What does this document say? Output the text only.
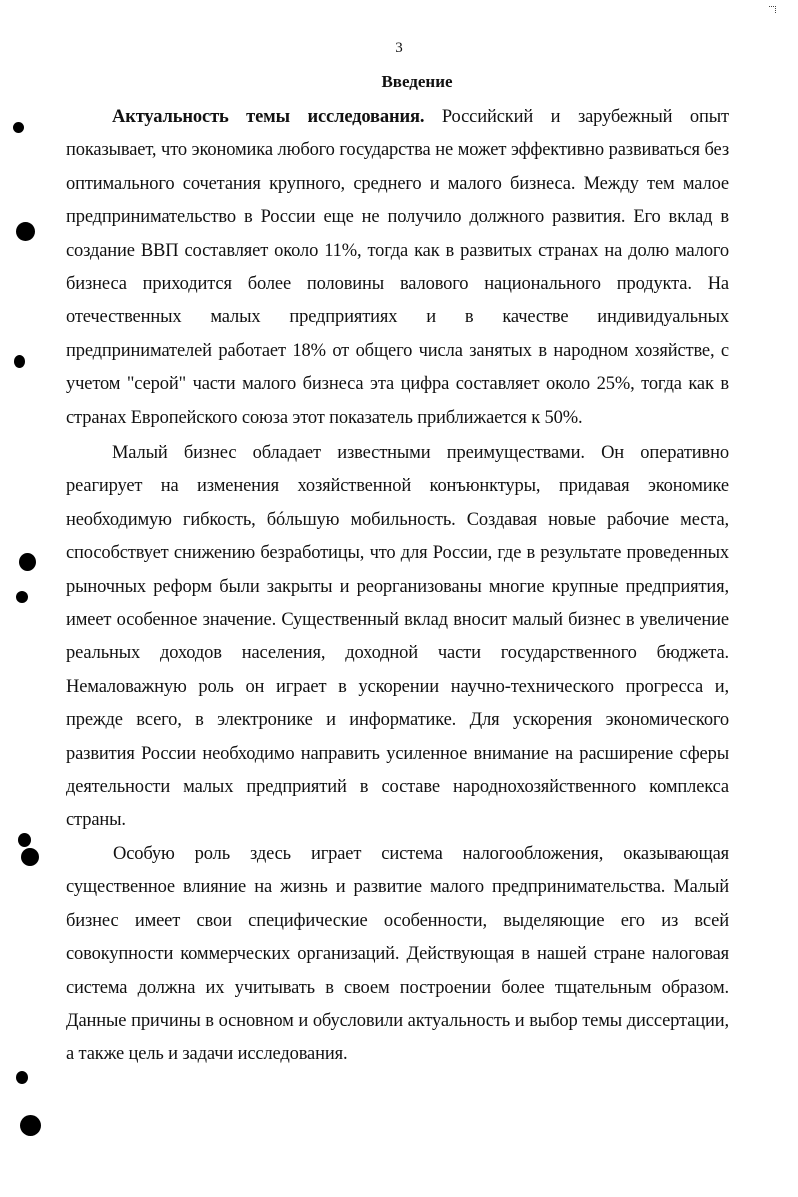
3
Введение

Актуальность темы исследования. Российский и зарубежный опыт показывает, что экономика любого государства не может эффективно развиваться без оптимального сочетания крупного, среднего и малого бизнеса. Между тем малое предпринимательство в России еще не получило должного развития. Его вклад в создание ВВП составляет около 11%, тогда как в развитых странах на долю малого бизнеса приходится более половины валового национального продукта. На отечественных малых предприятиях и в качестве индивидуальных предпринимателей работает 18% от общего числа занятых в народном хозяйстве, с учетом "серой" части малого бизнеса эта цифра составляет около 25%, тогда как в странах Европейского союза этот показатель приближается к 50%.

Малый бизнес обладает известными преимуществами. Он оперативно реагирует на изменения хозяйственной конъюнктуры, придавая экономике необходимую гибкость, бóльшую мобильность. Создавая новые рабочие места, способствует снижению безработицы, что для России, где в результате проведенных рыночных реформ были закрыты и реорганизованы многие крупные предприятия, имеет особенное значение. Существенный вклад вносит малый бизнес в увеличение реальных доходов населения, доходной части государственного бюджета. Немаловажную роль он играет в ускорении научно-технического прогресса и, прежде всего, в электронике и информатике. Для ускорения экономического развития России необходимо направить усиленное внимание на расширение сферы деятельности малых предприятий в составе народнохозяйственного комплекса страны.

Особую роль здесь играет система налогообложения, оказывающая существенное влияние на жизнь и развитие малого предпринимательства. Малый бизнес имеет свои специфические особенности, выделяющие его из всей совокупности коммерческих организаций. Действующая в нашей стране налоговая система должна их учитывать в своем построении более тщательным образом. Данные причины в основном и обусловили актуальность и выбор темы диссертации, а также цель и задачи исследования.
